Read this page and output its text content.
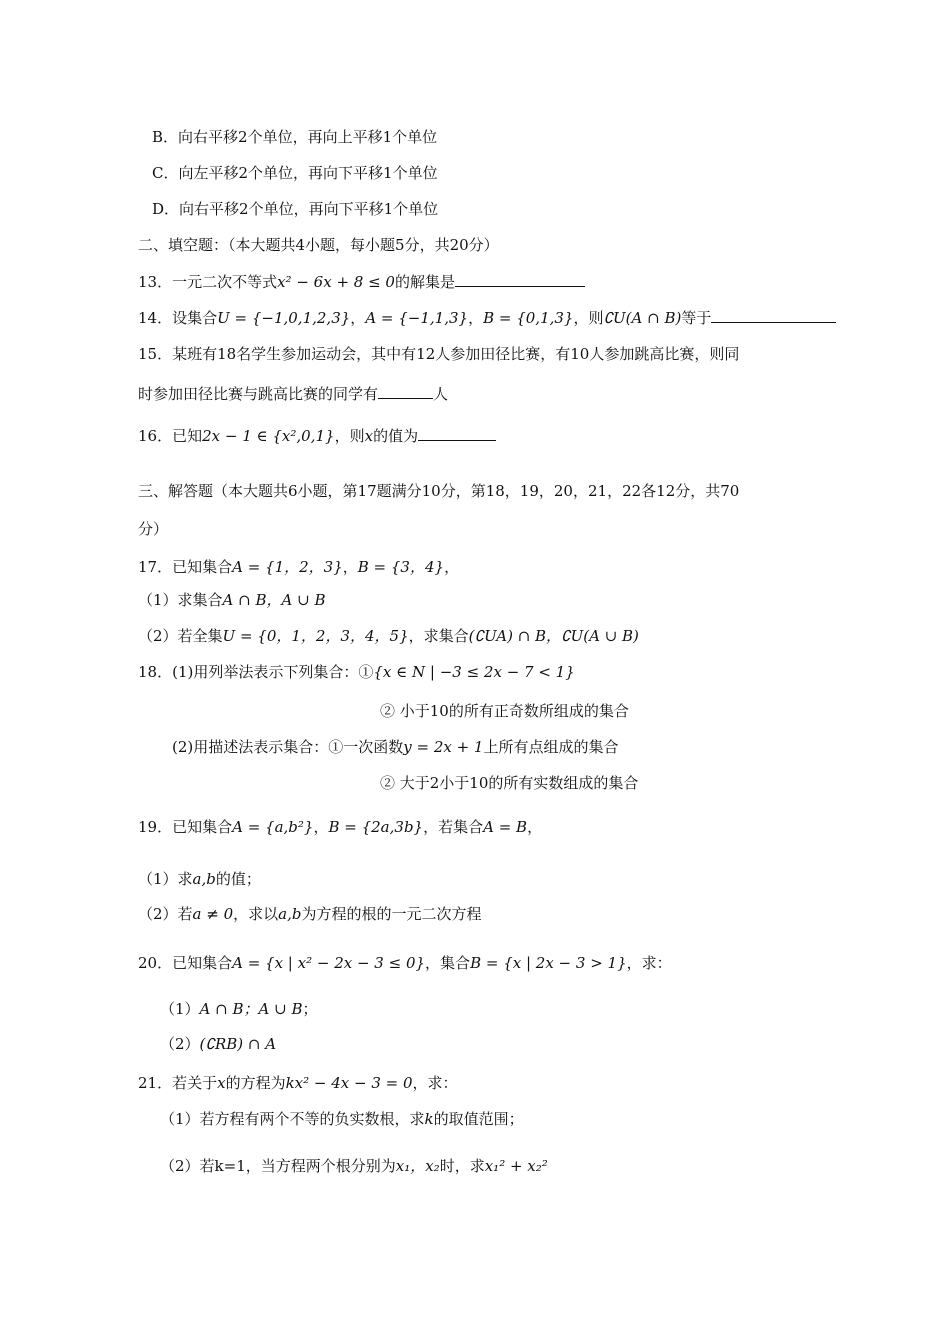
B．向右平移2个单位，再向上平移1个单位
C．向左平移2个单位，再向下平移1个单位
D．向右平移2个单位，再向下平移1个单位
二、填空题：（本大题共4小题，每小题5分，共20分）
13．一元二次不等式x² − 6x + 8 ≤ 0的解集是
14．设集合U = {−1,0,1,2,3}，A = {−1,1,3}，B = {0,1,3}，则∁U(A ∩ B)等于
15．某班有18名学生参加运动会，其中有12人参加田径比赛，有10人参加跳高比赛，则同
时参加田径比赛与跳高比赛的同学有	人
16．已知2x − 1 ∈ {x²,0,1}，则x的值为
三、解答题（本大题共6小题，第17题满分10分，第18，19，20，21，22各12分，共70
分）
17．已知集合A = {1，2，3}，B = {3，4}，
（1）求集合A ∩ B，A ∪ B
（2）若全集U = {0，1，2，3，4，5}，求集合(∁UA) ∩ B，∁U(A ∪ B)
18．(1)用列举法表示下列集合：①{x ∈ N | −3 ≤ 2x − 7 < 1}
② 小于10的所有正奇数所组成的集合
(2)用描述法表示集合：①一次函数y = 2x + 1上所有点组成的集合
② 大于2小于10的所有实数组成的集合
19．已知集合A = {a,b²}，B = {2a,3b}，若集合A = B，
（1）求a,b的值；
（2）若a ≠ 0，求以a,b为方程的根的一元二次方程
20．已知集合A = {x | x² − 2x − 3 ≤ 0}，集合B = {x | 2x − 3 > 1}，求：
（1）A ∩ B；A ∪ B；
（2）(∁RB) ∩ A
21．若关于x的方程为kx² − 4x − 3 = 0，求：
（1）若方程有两个不等的负实数根，求k的取值范围；
（2）若k=1，当方程两个根分别为x₁，x₂时，求x₁² + x₂²
